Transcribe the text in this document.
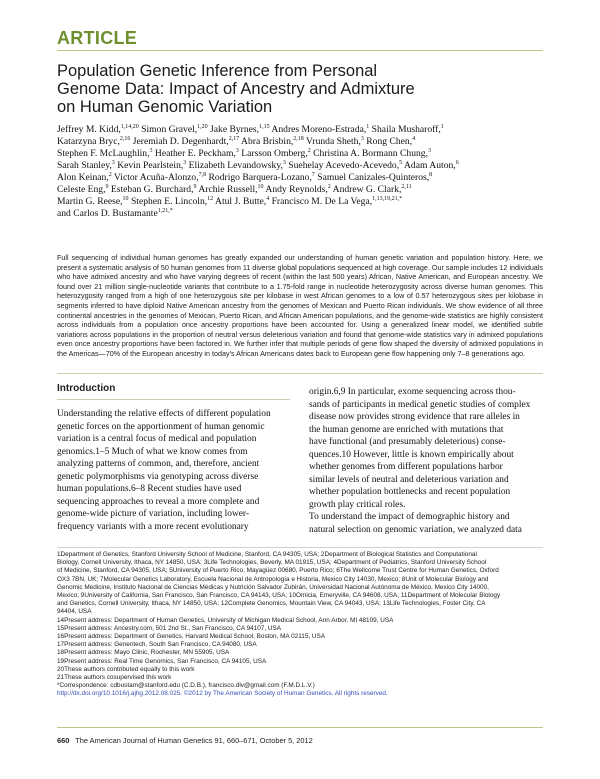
ARTICLE
Population Genetic Inference from Personal
Genome Data: Impact of Ancestry and Admixture
on Human Genomic Variation
Jeffrey M. Kidd,$^{1,14,20}$ Simon Gravel,$^{1,20}$ Jake Byrnes,$^{1,15}$ Andres Moreno-Estrada,$^1$ Shaila Musharoff,$^1$
Katarzyna Bryc,$^{2,16}$ Jeremiah D. Degenhardt,$^{2,17}$ Abra Brisbin,$^{2,18}$ Vrunda Sheth,$^3$ Rong Chen,$^4$
Stephen F. McLaughlin,$^3$ Heather E. Peckham,$^3$ Larsson Omberg,$^2$ Christina A. Bormann Chung,$^3$
Sarah Stanley,$^3$ Kevin Pearlstein,$^3$ Elizabeth Levandowsky,$^3$ Suehelay Acevedo-Acevedo,$^5$ Adam Auton,$^6$
Alon Keinan,$^2$ Victor Acuña-Alonzo,$^{7,8}$ Rodrigo Barquera-Lozano,$^7$ Samuel Canizales-Quinteros,$^8$
Celeste Eng,$^9$ Esteban G. Burchard,$^9$ Archie Russell,$^{10}$ Andy Reynolds,$^2$ Andrew G. Clark,$^{2,11}$
Martin G. Reese,$^{10}$ Stephen E. Lincoln,$^{12}$ Atul J. Butte,$^4$ Francisco M. De La Vega,$^{1,13,19,21,*}$
and Carlos D. Bustamante$^{1,21,*}$
Full sequencing of individual human genomes has greatly expanded our understanding of human genetic variation and population history. Here, we present a systematic analysis of 50 human genomes from 11 diverse global populations sequenced at high coverage. Our sample includes 12 individuals who have admixed ancestry and who have varying degrees of recent (within the last 500 years) African, Native American, and European ancestry. We found over 21 million single-nucleotide variants that contribute to a 1.75-fold range in nucleotide heterozygosity across diverse human genomes. This heterozygosity ranged from a high of one heterozygous site per kilobase in west African genomes to a low of 0.57 heterozygous sites per kilobase in segments inferred to have diploid Native American ancestry from the genomes of Mexican and Puerto Rican individuals. We show evidence of all three continental ancestries in the genomes of Mexican, Puerto Rican, and African American populations, and the genome-wide statistics are highly consistent across individuals from a population once ancestry proportions have been accounted for. Using a generalized linear model, we identified subtle variations across populations in the proportion of neutral versus deleterious variation and found that genome-wide statistics vary in admixed populations even once ancestry proportions have been factored in. We further infer that multiple periods of gene flow shaped the diversity of admixed populations in the Americas—70% of the European ancestry in today's African Americans dates back to European gene flow happening only 7–8 generations ago.
Introduction
Understanding the relative effects of different population
genetic forces on the apportionment of human genomic
variation is a central focus of medical and population
genomics.1–5 Much of what we know comes from
analyzing patterns of common, and, therefore, ancient
genetic polymorphisms via genotyping across diverse
human populations.6–8 Recent studies have used
sequencing approaches to reveal a more complete and
genome-wide picture of variation, including lower-
frequency variants with a more recent evolutionary
origin.6,9 In particular, exome sequencing across thou-
sands of participants in medical genetic studies of complex
disease now provides strong evidence that rare alleles in
the human genome are enriched with mutations that
have functional (and presumably deleterious) conse-
quences.10 However, little is known empirically about
whether genomes from different populations harbor
similar levels of neutral and deleterious variation and
whether population bottlenecks and recent population
growth play critical roles.
To understand the impact of demographic history and
natural selection on genomic variation, we analyzed data
1Department of Genetics, Stanford University School of Medicine, Stanford, CA 94305, USA; 2Department of Biological Statistics and Computational
Biology, Cornell University, Ithaca, NY 14850, USA; 3Life Technologies, Beverly, MA 01915, USA; 4Department of Pediatrics, Stanford University School
of Medicine, Stanford, CA 94305, USA; 5University of Puerto Rico, Mayagüez 00680, Puerto Rico; 6The Wellcome Trust Centre for Human Genetics, Oxford
OX3 7BN, UK; 7Molecular Genetics Laboratory, Escuela Nacional de Antropología e Historia, Mexico City 14030, Mexico; 8Unit of Molecular Biology and
Genomic Medicine, Instituto Nacional de Ciencias Médicas y Nutrición Salvador Zubirán, Universidad Nacional Autónoma de México, Mexico City 14000,
Mexico; 9University of California, San Francisco, San Francisco, CA 94143, USA; 10Omicia, Emeryville, CA 94608, USA; 11Department of Molecular Biology
and Genetics, Cornell University, Ithaca, NY 14850, USA; 12Complete Genomics, Mountain View, CA 94043, USA; 13Life Technologies, Foster City, CA
94404, USA
14Present address: Department of Human Genetics, University of Michigan Medical School, Ann Arbor, MI 48109, USA
15Present address: Ancestry.com, 501 2nd St., San Francisco, CA 94107, USA
16Present address: Department of Genetics, Harvard Medical School, Boston, MA 02115, USA
17Present address: Genentech, South San Francisco, CA 94080, USA
18Present address: Mayo Clinic, Rochester, MN 55905, USA
19Present address: Real Time Genomics, San Francisco, CA 94105, USA
20These authors contributed equally to this work
21These authors cosupervised this work
*Correspondence: cdbustam@stanford.edu (C.D.B.), francisco.dlv@gmail.com (F.M.D.L.V.)
http://dx.doi.org/10.1016/j.ajhg.2012.08.025. ©2012 by The American Society of Human Genetics. All rights reserved.
660 The American Journal of Human Genetics 91, 660–671, October 5, 2012
